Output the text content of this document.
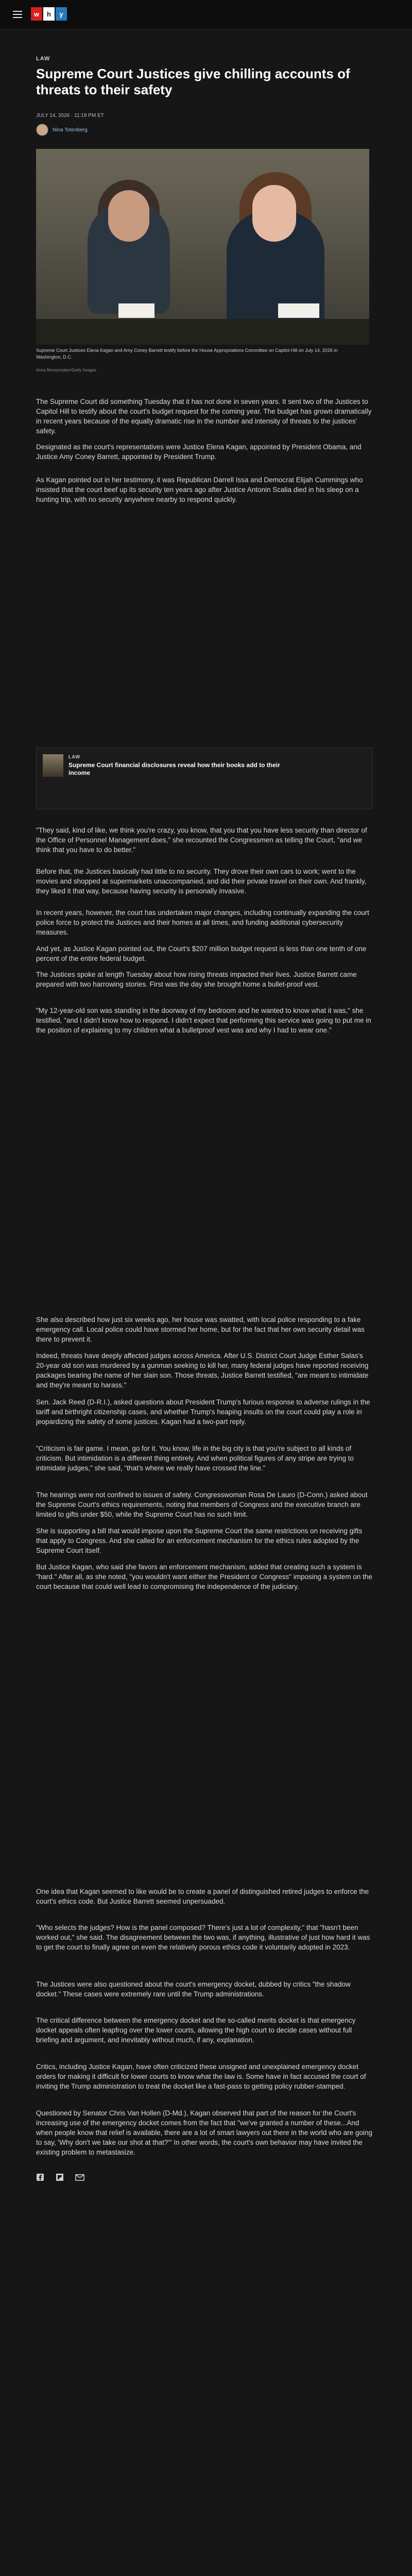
w	h	y
LAW
Supreme Court Justices give chilling accounts of threats to their safety
JULY 14, 2026 · 11:19 PM ET
Nina Totenberg
Supreme Court Justices Elena Kagan and Amy Coney Barrett testify before the House Appropriations Committee on Capitol Hill on July 14, 2026 in Washington, D.C.
Anna Moneymaker/Getty Images
The Supreme Court did something Tuesday that it has not done in seven years. It sent two of the Justices to Capitol Hill to testify about the court's budget request for the coming year. The budget has grown dramatically in recent years because of the equally dramatic rise in the number and intensity of threats to the justices' safety.
Designated as the court's representatives were Justice Elena Kagan, appointed by President Obama, and Justice Amy Coney Barrett, appointed by President Trump.
As Kagan pointed out in her testimony, it was Republican Darrell Issa and Democrat Elijah Cummings who insisted that the court beef up its security ten years ago after Justice Antonin Scalia died in his sleep on a hunting trip, with no security anywhere nearby to respond quickly.
LAW
Supreme Court financial disclosures reveal how their books add to their income
"They said, kind of like, we think you're crazy, you know, that you that you have less security than director of the Office of Personnel Management does," she recounted the Congressmen as telling the Court, "and we think that you have to do better."
Before that, the Justices basically had little to no security. They drove their own cars to work; went to the movies and shopped at supermarkets unaccompanied, and did their private travel on their own. And frankly, they liked it that way, because having security is personally invasive.
In recent years, however, the court has undertaken major changes, including continually expanding the court police force to protect the Justices and their homes at all times, and funding additional cybersecurity measures.
And yet, as Justice Kagan pointed out, the Court's $207 million budget request is less than one tenth of one percent of the entire federal budget.
The Justices spoke at length Tuesday about how rising threats impacted their lives. Justice Barrett came prepared with two harrowing stories. First was the day she brought home a bullet-proof vest.
"My 12-year-old son was standing in the doorway of my bedroom and he wanted to know what it was," she testified, "and I didn't know how to respond. I didn't expect that performing this service was going to put me in the position of explaining to my children what a bulletproof vest was and why I had to wear one."
She also described how just six weeks ago, her house was swatted, with local police responding to a fake emergency call. Local police could have stormed her home, but for the fact that her own security detail was there to prevent it.
Indeed, threats have deeply affected judges across America. After U.S. District Court Judge Esther Salas's 20-year old son was murdered by a gunman seeking to kill her, many federal judges have reported receiving packages bearing the name of her slain son. Those threats, Justice Barrett testified, "are meant to intimidate and they're meant to harass."
Sen. Jack Reed (D-R.I.), asked questions about President Trump's furious response to adverse rulings in the tariff and birthright citizenship cases, and whether Trump's heaping insults on the court could play a role in jeopardizing the safety of some justices. Kagan had a two-part reply.
"Criticism is fair game. I mean, go for it. You know, life in the big city is that you're subject to all kinds of criticism. But intimidation is a different thing entirely. And when political figures of any stripe are trying to intimidate judges," she said, "that's where we really have crossed the line."
The hearings were not confined to issues of safety. Congresswoman Rosa De Lauro (D-Conn.) asked about the Supreme Court's ethics requirements, noting that members of Congress and the executive branch are limited to gifts under $50, while the Supreme Court has no such limit.
She is supporting a bill that would impose upon the Supreme Court the same restrictions on receiving gifts that apply to Congress. And she called for an enforcement mechanism for the ethics rules adopted by the Supreme Court itself.
But Justice Kagan, who said she favors an enforcement mechanism, added that creating such a system is "hard." After all, as she noted, "you wouldn't want either the President or Congress" imposing a system on the court because that could well lead to compromising the independence of the judiciary.
One idea that Kagan seemed to like would be to create a panel of distinguished retired judges to enforce the court's ethics code. But Justice Barrett seemed unpersuaded.
"Who selects the judges? How is the panel composed? There's just a lot of complexity," that "hasn't been worked out," she said. The disagreement between the two was, if anything, illustrative of just how hard it was to get the court to finally agree on even the relatively porous ethics code it voluntarily adopted in 2023.
The Justices were also questioned about the court's emergency docket, dubbed by critics "the shadow docket." These cases were extremely rare until the Trump administrations.
The critical difference between the emergency docket and the so-called merits docket is that emergency docket appeals often leapfrog over the lower courts, allowing the high court to decide cases without full briefing and argument, and inevitably without much, if any, explanation.
Critics, including Justice Kagan, have often criticized these unsigned and unexplained emergency docket orders for making it difficult for lower courts to know what the law is. Some have in fact accused the court of inviting the Trump administration to treat the docket like a fast-pass to getting policy rubber-stamped.
Questioned by Senator Chris Van Hollen (D-Md.), Kagan observed that part of the reason for the Court's increasing use of the emergency docket comes from the fact that "we've granted a number of these...And when people know that relief is available, there are a lot of smart lawyers out there in the world who are going to say, 'Why don't we take our shot at that?'" In other words, the court's own behavior may have invited the existing problem to metastasize.
